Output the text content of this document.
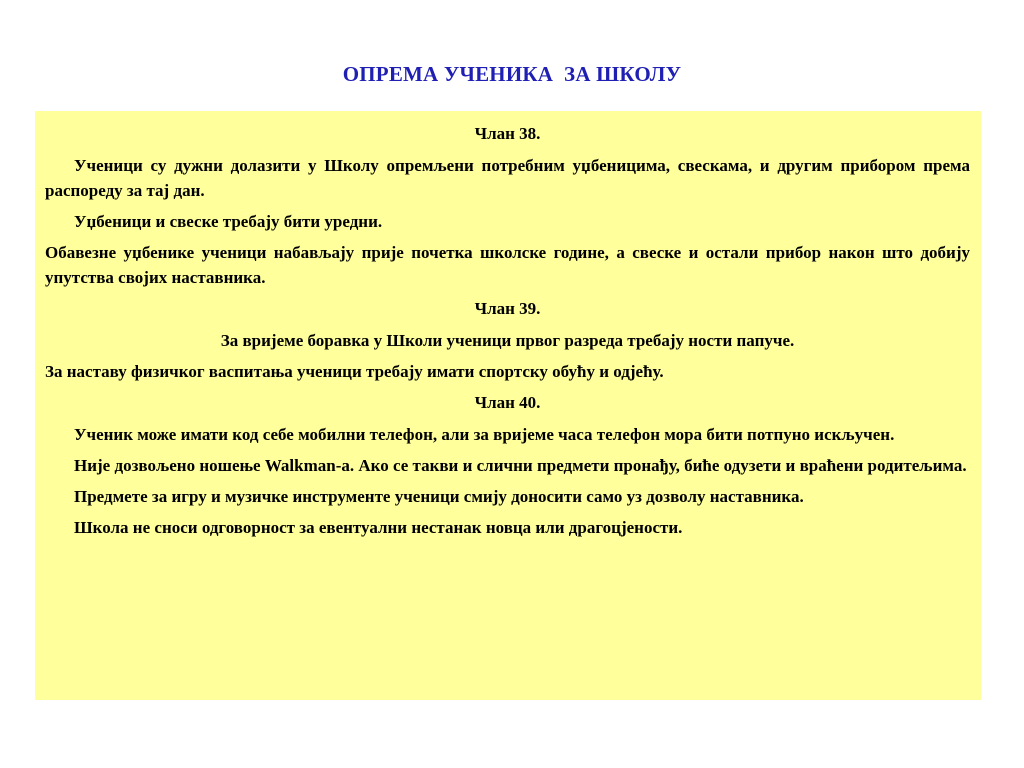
ОПРЕМА УЧЕНИКА  ЗА ШКОЛУ
Члан 38.

Ученици су дужни долазити у Школу опремљени потребним уџбеницима, свескама, и другим прибором према распореду за тај дан.

Уџбеници и свеске требају бити уредни.

Обавезне уџбенике ученици набављају прије почетка школске године, а свеске и остали прибор након што добију упутства својих наставника.

Члан 39.

За вријеме боравка у Школи ученици првог разреда требају ности папуче.

За наставу физичког васпитања ученици требају имати спортску обућу и одјећу.

Члан 40.

Ученик може имати код себе мобилни телефон, али за вријеме часа телефон мора бити потпуно искључен.

Није дозвољено ношење Walkman-а. Ако се такви и слични предмети пронађу, биће одузети и враћени родитељима.

Предмете за игру и музичке инструменте ученици смију доносити само уз дозволу наставника.

Школа не сноси одговорност за евентуални нестанак новца или драгоцјености.
